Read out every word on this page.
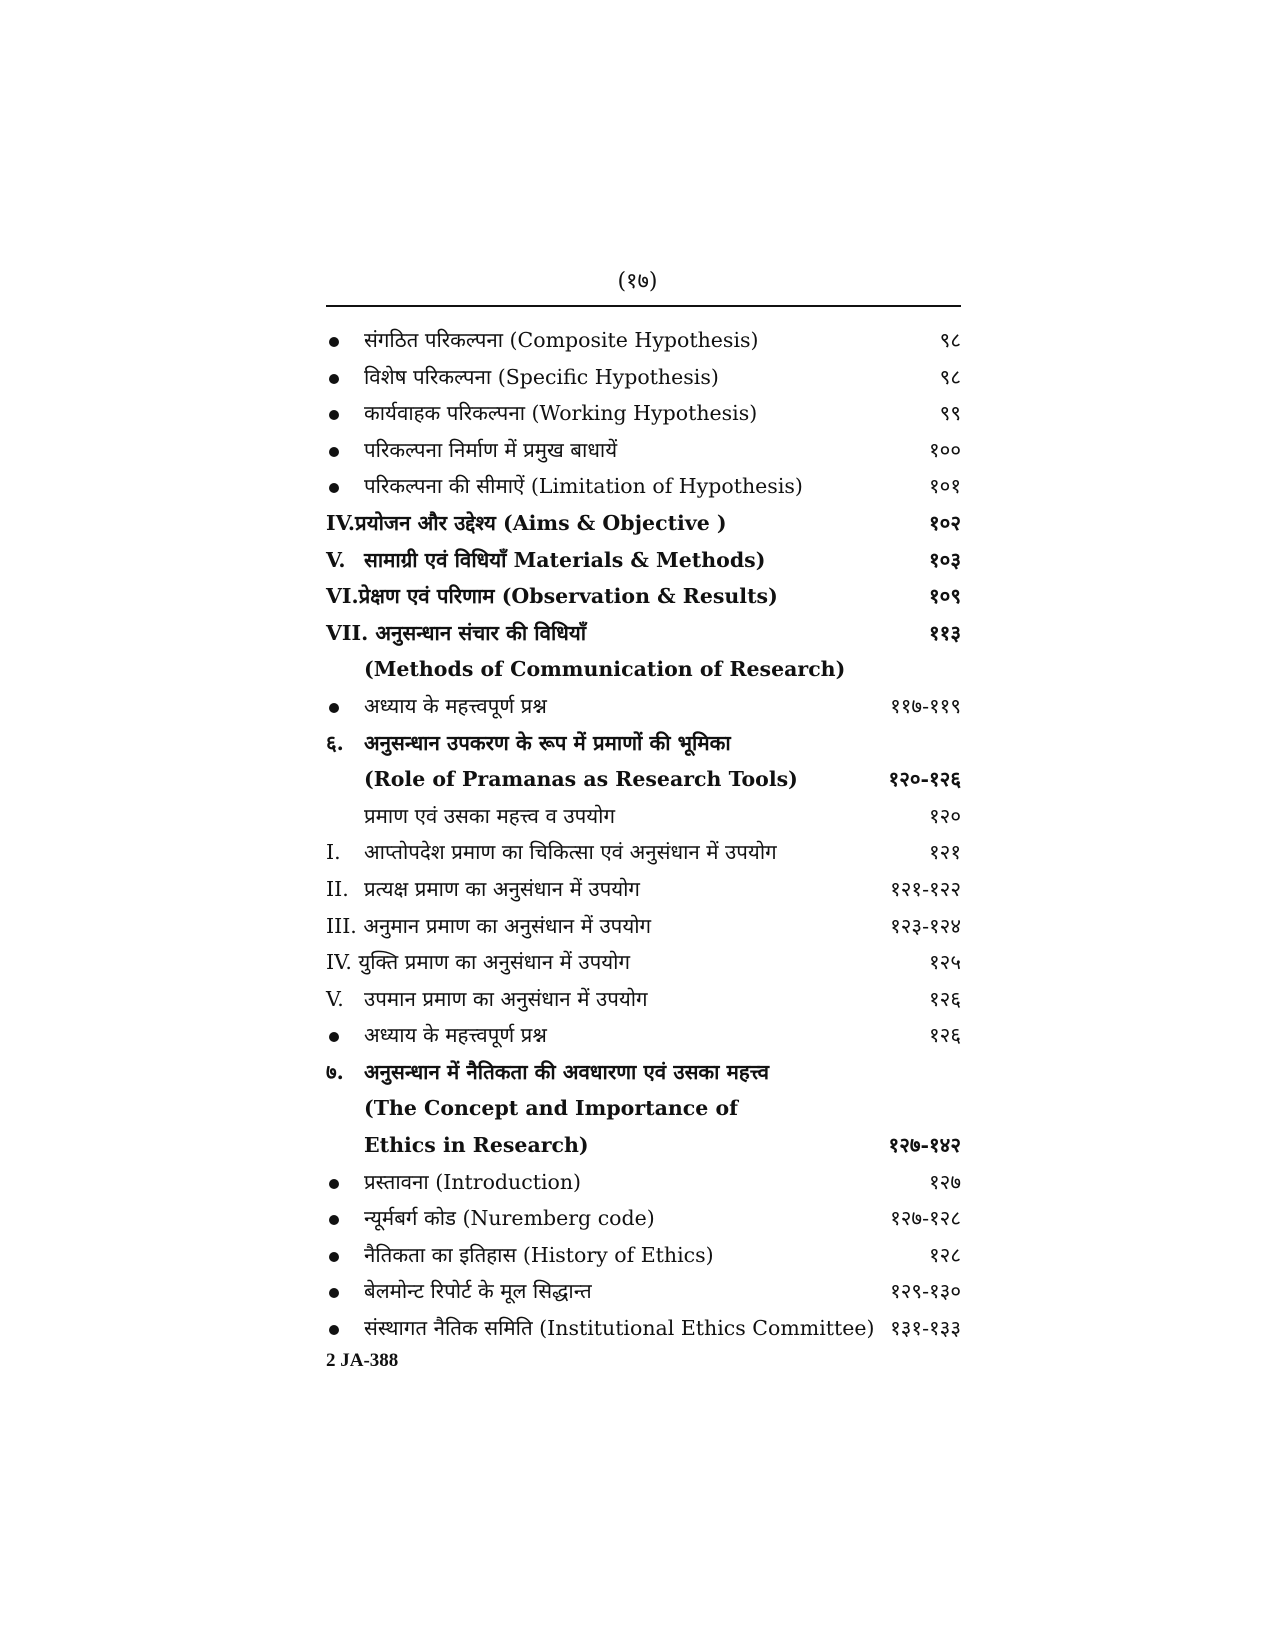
(१७)
संगठित परिकल्पना (Composite Hypothesis)	९८
विशेष परिकल्पना (Specific Hypothesis)	९८
कार्यवाहक परिकल्पना (Working Hypothesis)	९९
परिकल्पना निर्माण में प्रमुख बाधायें	१००
परिकल्पना की सीमाऐं (Limitation of Hypothesis)	१०१
IV.प्रयोजन और उद्देश्य (Aims & Objective )	१०२
V. सामाग्री एवं विधियाँ Materials & Methods)	१०३
VI.प्रेक्षण एवं परिणाम (Observation & Results)	१०९
VII. अनुसन्धान संचार की विधियाँ	११३
(Methods of Communication of Research)
अध्याय के महत्त्वपूर्ण प्रश्न	११७-११९
६. अनुसन्धान उपकरण के रूप में प्रमाणों की भूमिका
(Role of Pramanas as Research Tools)	१२०-१२६
प्रमाण एवं उसका महत्त्व व उपयोग	१२०
I.	आप्तोपदेश प्रमाण का चिकित्सा एवं अनुसंधान में उपयोग	१२१
II. प्रत्यक्ष प्रमाण का अनुसंधान में उपयोग	१२१-१२२
III. अनुमान प्रमाण का अनुसंधान में उपयोग	१२३-१२४
IV. युक्ति प्रमाण का अनुसंधान में उपयोग	१२५
V. उपमान प्रमाण का अनुसंधान में उपयोग	१२६
अध्याय के महत्त्वपूर्ण प्रश्न	१२६
७. अनुसन्धान में नैतिकता की अवधारणा एवं उसका महत्त्व
(The Concept and Importance of
Ethics in Research)	१२७-१४२
प्रस्तावना (Introduction)	१२७
न्यूर्मबर्ग कोड (Nuremberg code)	१२७-१२८
नैतिकता का इतिहास (History of Ethics)	१२८
बेलमोन्ट रिपोर्ट के मूल सिद्धान्त	१२९-१३०
संस्थागत नैतिक समिति (Institutional Ethics Committee) १३१-१३३
2 JA-388
